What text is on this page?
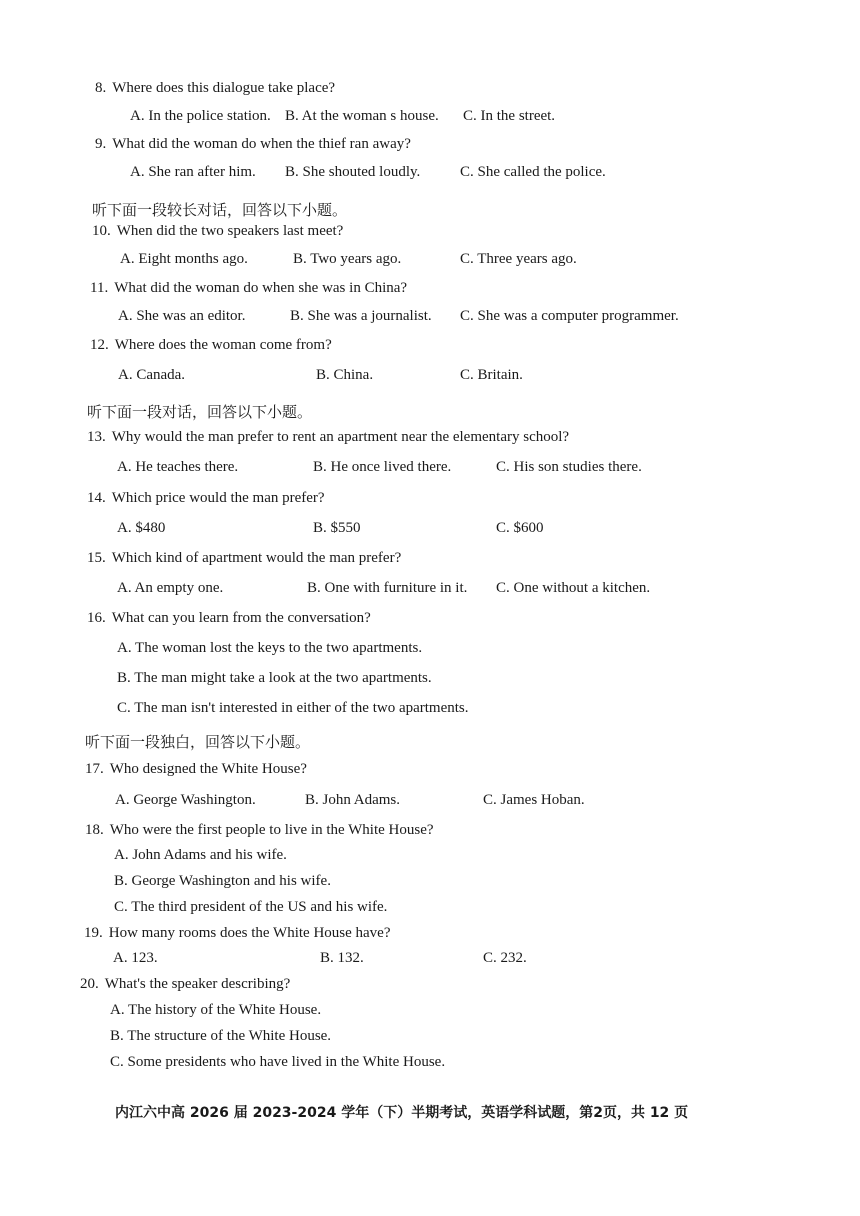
8. Where does this dialogue take place?
A. In the police station. B. At the woman s house. C. In the street.
9. What did the woman do when the thief ran away?
A. She ran after him. B. She shouted loudly.	C. She called the police.
听下面一段较长对话，回答以下小题。
10. When did the two speakers last meet?
A. Eight months ago.	B. Two years ago.	C. Three years ago.
11. What did the woman do when she was in China?
A. She was an editor.	B. She was a journalist. C. She was a computer programmer.
12. Where does the woman come from?
A. Canada.	B. China.	C. Britain.
听下面一段对话，回答以下小题。
13. Why would the man prefer to rent an apartment near the elementary school?
A. He teaches there.	B. He once lived there.	C. His son studies there.
14. Which price would the man prefer?
A. $480	B. $550	C. $600
15. Which kind of apartment would the man prefer?
A. An empty one.	B. One with furniture in it. C. One without a kitchen.
16. What can you learn from the conversation?
A. The woman lost the keys to the two apartments.
B. The man might take a look at the two apartments.
C. The man isn't interested in either of the two apartments.
听下面一段独白，回答以下小题。
17. Who designed the White House?
A. George Washington.	B. John Adams.	C. James Hoban.
18. Who were the first people to live in the White House?
A. John Adams and his wife.
B. George Washington and his wife.
C. The third president of the US and his wife.
19. How many rooms does the White House have?
A. 123.	B. 132.	C. 232.
20. What's the speaker describing?
A. The history of the White House.
B. The structure of the White House.
C. Some presidents who have lived in the White House.
内江六中高 2026 届 2023-2024 学年（下）半期考试，英语学科试题，第2页，共 12 页
